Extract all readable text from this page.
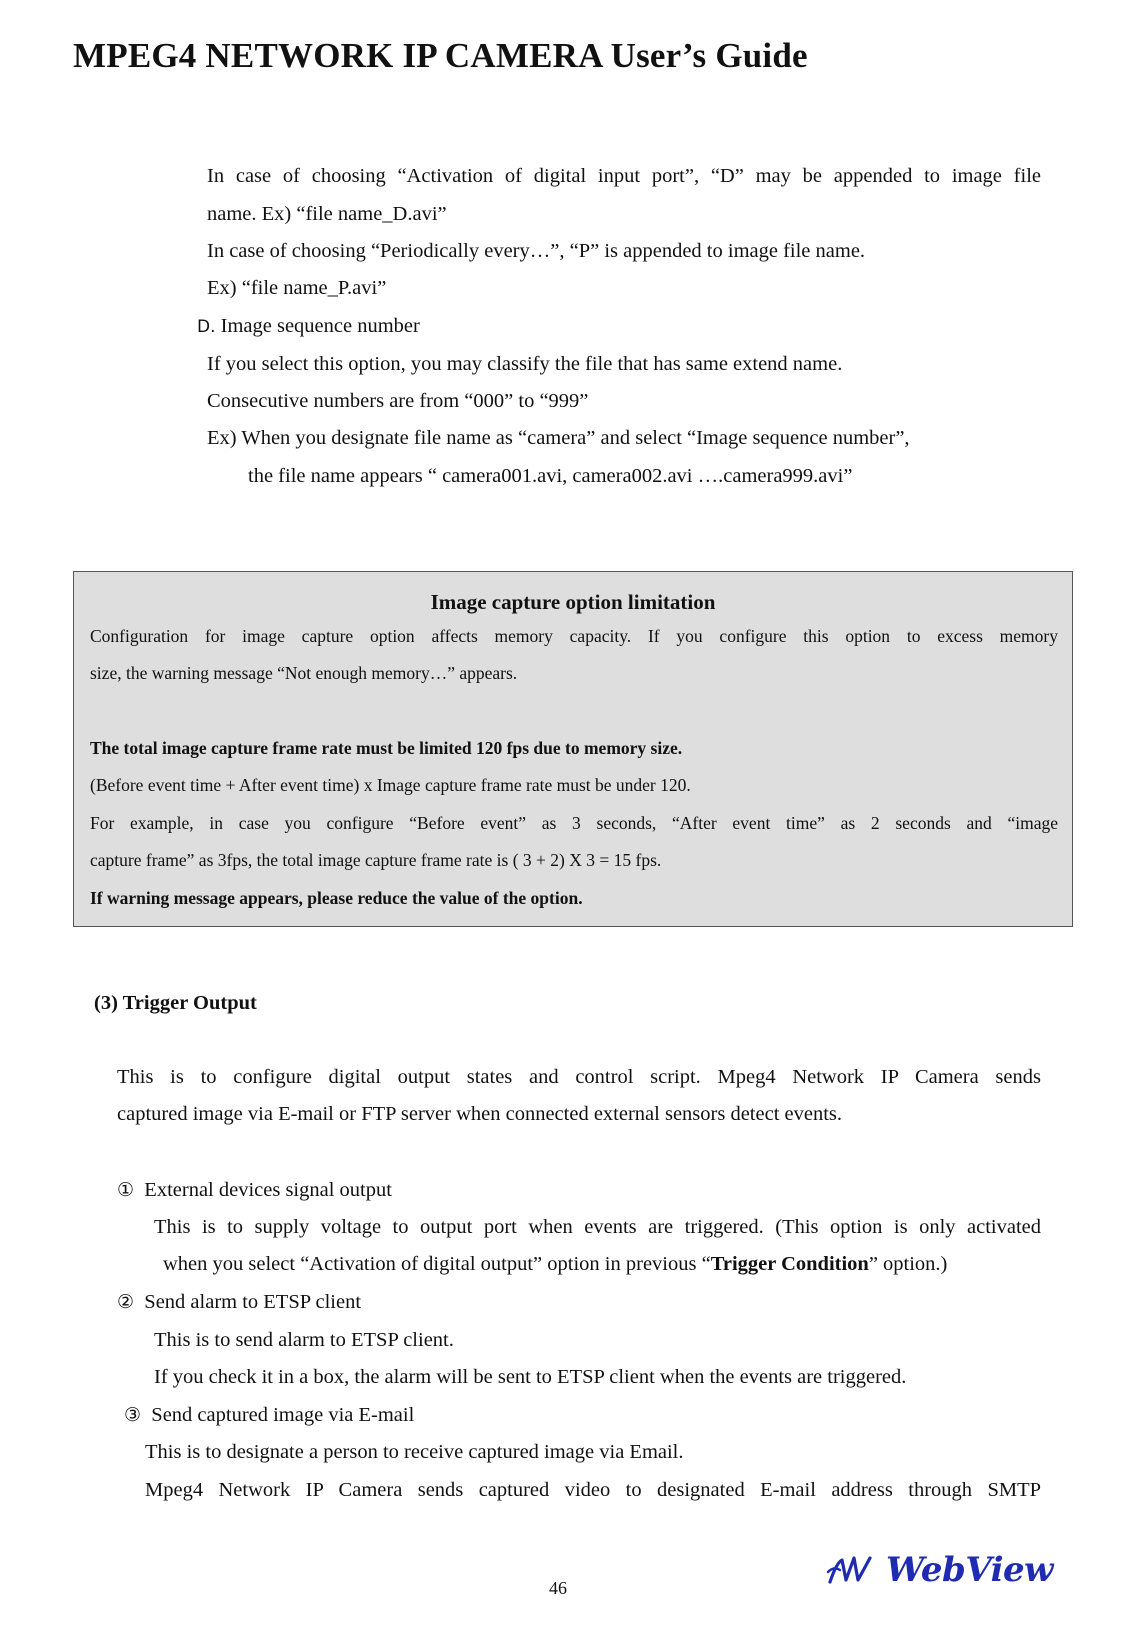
MPEG4 NETWORK IP CAMERA User’s Guide
In case of choosing “Activation of digital input port”, “D” may be appended to image file
name. Ex) “file name_D.avi”
In case of choosing “Periodically every…”, “P” is appended to image file name.
Ex) “file name_P.avi”
D. Image sequence number
If you select this option, you may classify the file that has same extend name.
Consecutive numbers are from “000” to “999”
Ex) When you designate file name as “camera” and select “Image sequence number”,
the file name appears “ camera001.avi, camera002.avi ….camera999.avi”
Image capture option limitation
Configuration for image capture option affects memory capacity. If you configure this option to excess memory
size, the warning message “Not enough memory…” appears.
The total image capture frame rate must be limited 120 fps due to memory size.
(Before event time + After event time) x Image capture frame rate must be under 120.
For example, in case you configure “Before event” as 3 seconds, “After event time” as 2 seconds and “image
capture frame” as 3fps, the total image capture frame rate is ( 3 + 2) X 3 = 15 fps.
If warning message appears, please reduce the value of the option.
(3) Trigger Output
This is to configure digital output states and control script. Mpeg4 Network IP Camera sends
captured image via E-mail or FTP server when connected external sensors detect events.
① External devices signal output
This is to supply voltage to output port when events are triggered. (This option is only activated
when you select “Activation of digital output” option in previous “Trigger Condition” option.)
② Send alarm to ETSP client
This is to send alarm to ETSP client.
If you check it in a box, the alarm will be sent to ETSP client when the events are triggered.
③ Send captured image via E-mail
This is to designate a person to receive captured image via Email.
Mpeg4 Network IP Camera sends captured video to designated E-mail address through SMTP
46	WebView
